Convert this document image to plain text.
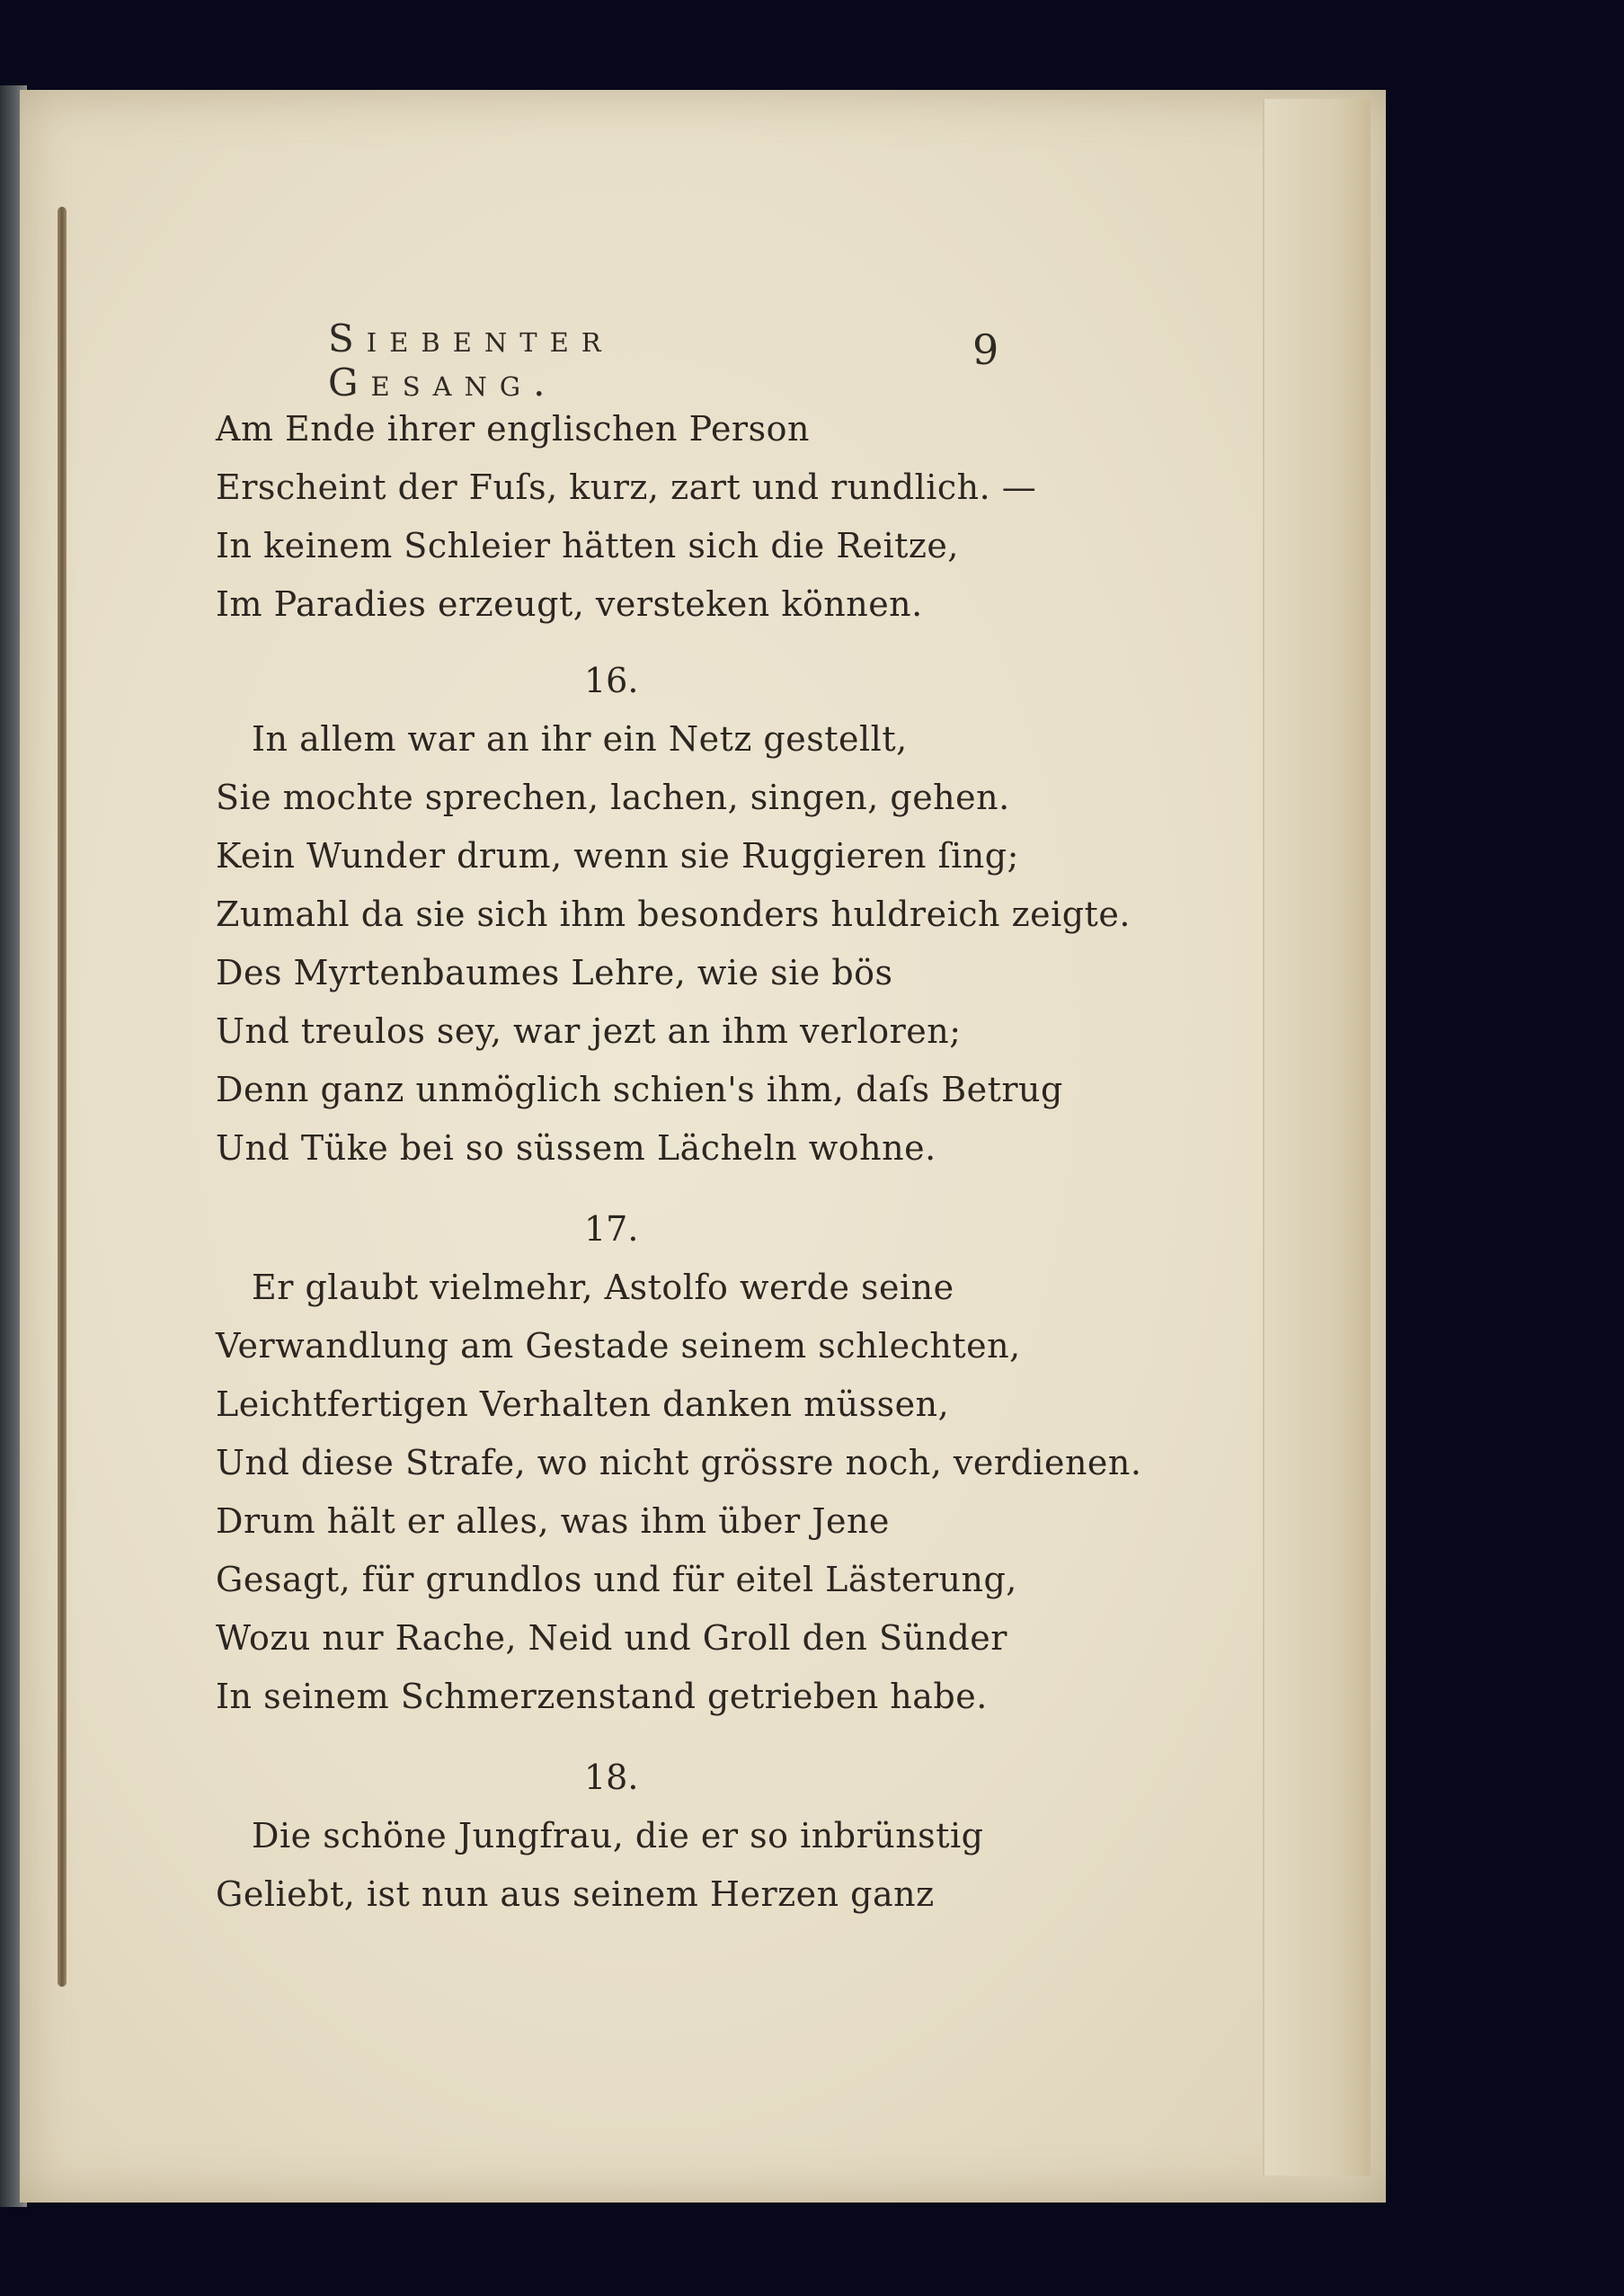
Siebenter Gesang.
9
Am Ende ihrer englischen Person
Erscheint der Fuſs, kurz, zart und rundlich. —
In keinem Schleier hätten sich die Reitze,
Im Paradies erzeugt, versteken können.
16.
In allem war an ihr ein Netz gestellt,
Sie mochte sprechen, lachen, singen, gehen.
Kein Wunder drum, wenn sie Ruggieren ſing;
Zumahl da sie sich ihm besonders huldreich zeigte.
Des Myrtenbaumes Lehre, wie sie bös
Und treulos sey, war jezt an ihm verloren;
Denn ganz unmöglich schien's ihm, daſs Betrug
Und Tüke bei so süssem Lächeln wohne.
17.
Er glaubt vielmehr, Astolfo werde seine
Verwandlung am Gestade seinem schlechten,
Leichtfertigen Verhalten danken müssen,
Und diese Strafe, wo nicht grössre noch, verdienen.
Drum hält er alles, was ihm über Jene
Gesagt, für grundlos und für eitel Lästerung,
Wozu nur Rache, Neid und Groll den Sünder
In seinem Schmerzenstand getrieben habe.
18.
Die schöne Jungfrau, die er so inbrünstig
Geliebt, ist nun aus seinem Herzen ganz
